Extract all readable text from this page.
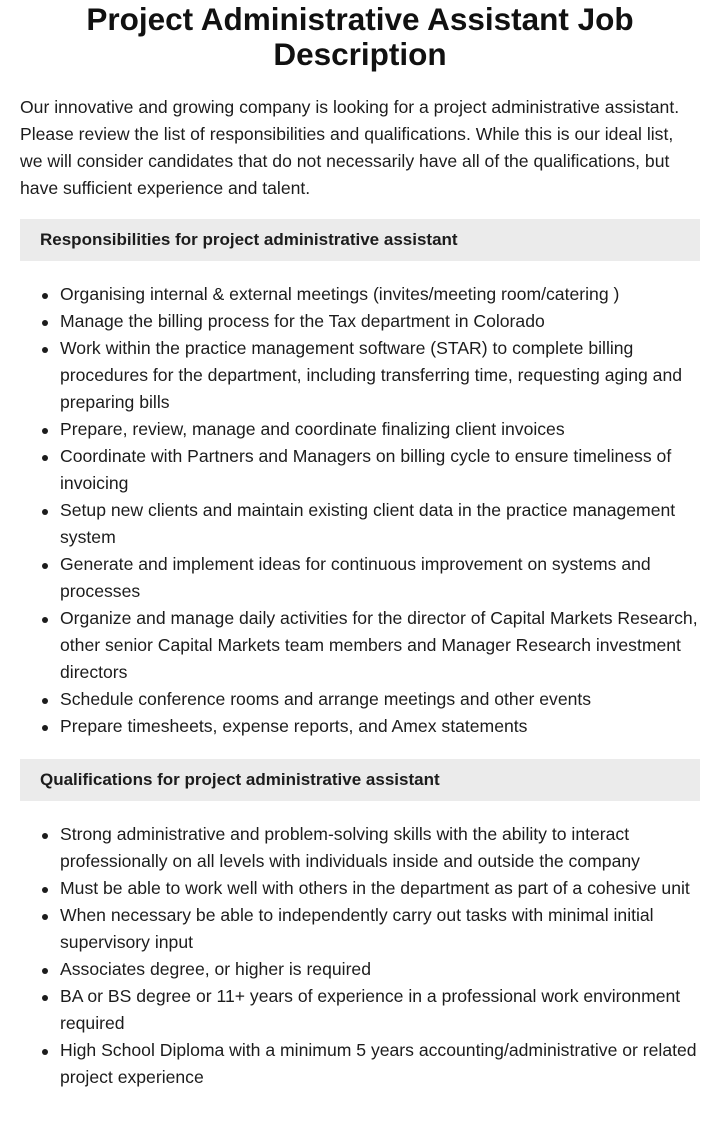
Project Administrative Assistant Job Description

Our innovative and growing company is looking for a project administrative assistant. Please review the list of responsibilities and qualifications. While this is our ideal list, we will consider candidates that do not necessarily have all of the qualifications, but have sufficient experience and talent.

Responsibilities for project administrative assistant
Organising internal & external meetings (invites/meeting room/catering )
Manage the billing process for the Tax department in Colorado
Work within the practice management software (STAR) to complete billing procedures for the department, including transferring time, requesting aging and preparing bills
Prepare, review, manage and coordinate finalizing client invoices
Coordinate with Partners and Managers on billing cycle to ensure timeliness of invoicing
Setup new clients and maintain existing client data in the practice management system
Generate and implement ideas for continuous improvement on systems and processes
Organize and manage daily activities for the director of Capital Markets Research, other senior Capital Markets team members and Manager Research investment directors
Schedule conference rooms and arrange meetings and other events
Prepare timesheets, expense reports, and Amex statements
Qualifications for project administrative assistant
Strong administrative and problem-solving skills with the ability to interact professionally on all levels with individuals inside and outside the company
Must be able to work well with others in the department as part of a cohesive unit
When necessary be able to independently carry out tasks with minimal initial supervisory input
Associates degree, or higher is required
BA or BS degree or 11+ years of experience in a professional work environment required
High School Diploma with a minimum 5 years accounting/administrative or related project experience
